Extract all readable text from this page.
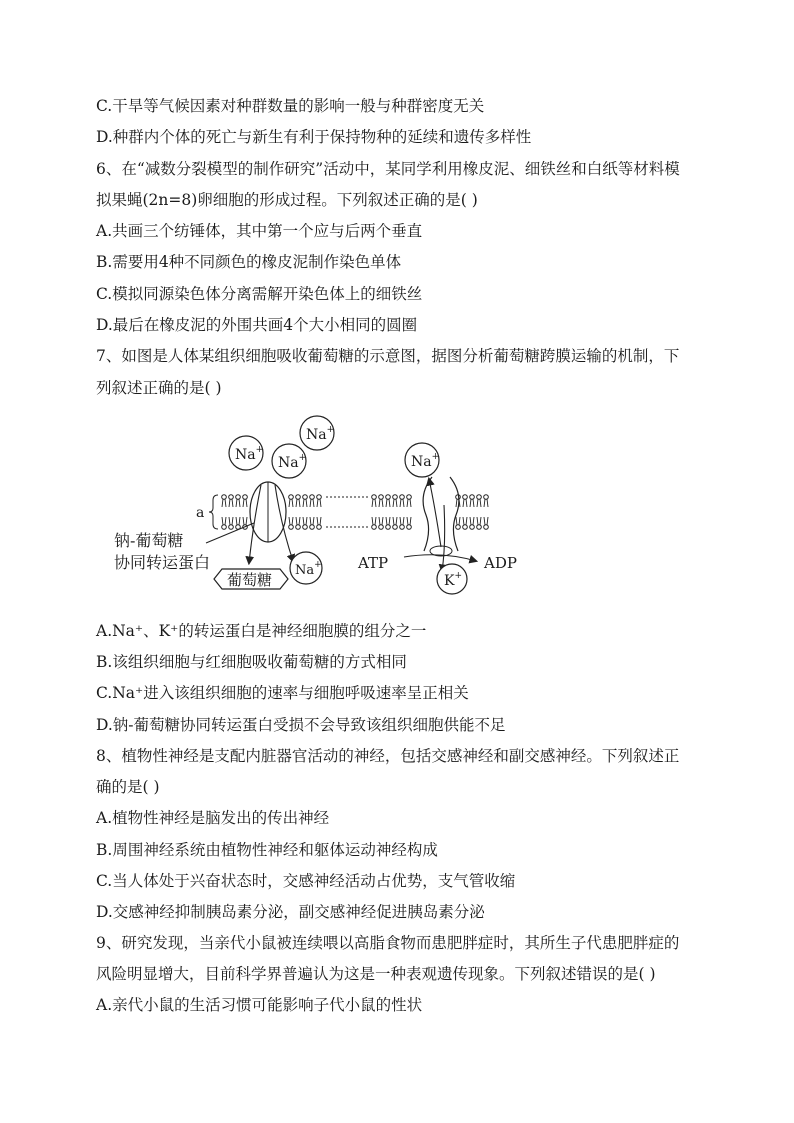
C.干旱等气候因素对种群数量的影响一般与种群密度无关
D.种群内个体的死亡与新生有利于保持物种的延续和遗传多样性
6、在“减数分裂模型的制作研究”活动中，某同学利用橡皮泥、细铁丝和白纸等材料模
拟果蝇(2n=8)卵细胞的形成过程。下列叙述正确的是( )
A.共画三个纺锤体，其中第一个应与后两个垂直
B.需要用4种不同颜色的橡皮泥制作染色单体
C.模拟同源染色体分离需解开染色体上的细铁丝
D.最后在橡皮泥的外围共画4个大小相同的圆圈
7、如图是人体某组织细胞吸收葡萄糖的示意图，据图分析葡萄糖跨膜运输的机制，下
列叙述正确的是( )
a
Na+
Na+
Na+
Na+
钠-葡萄糖
协同转运蛋白
葡萄糖
Na+
K+
ATP	ADP
A.Na⁺、K⁺的转运蛋白是神经细胞膜的组分之一
B.该组织细胞与红细胞吸收葡萄糖的方式相同
C.Na⁺进入该组织细胞的速率与细胞呼吸速率呈正相关
D.钠-葡萄糖协同转运蛋白受损不会导致该组织细胞供能不足
8、植物性神经是支配内脏器官活动的神经，包括交感神经和副交感神经。下列叙述正
确的是( )
A.植物性神经是脑发出的传出神经
B.周围神经系统由植物性神经和躯体运动神经构成
C.当人体处于兴奋状态时，交感神经活动占优势，支气管收缩
D.交感神经抑制胰岛素分泌，副交感神经促进胰岛素分泌
9、研究发现，当亲代小鼠被连续喂以高脂食物而患肥胖症时，其所生子代患肥胖症的
风险明显增大，目前科学界普遍认为这是一种表观遗传现象。下列叙述错误的是( )
A.亲代小鼠的生活习惯可能影响子代小鼠的性状
